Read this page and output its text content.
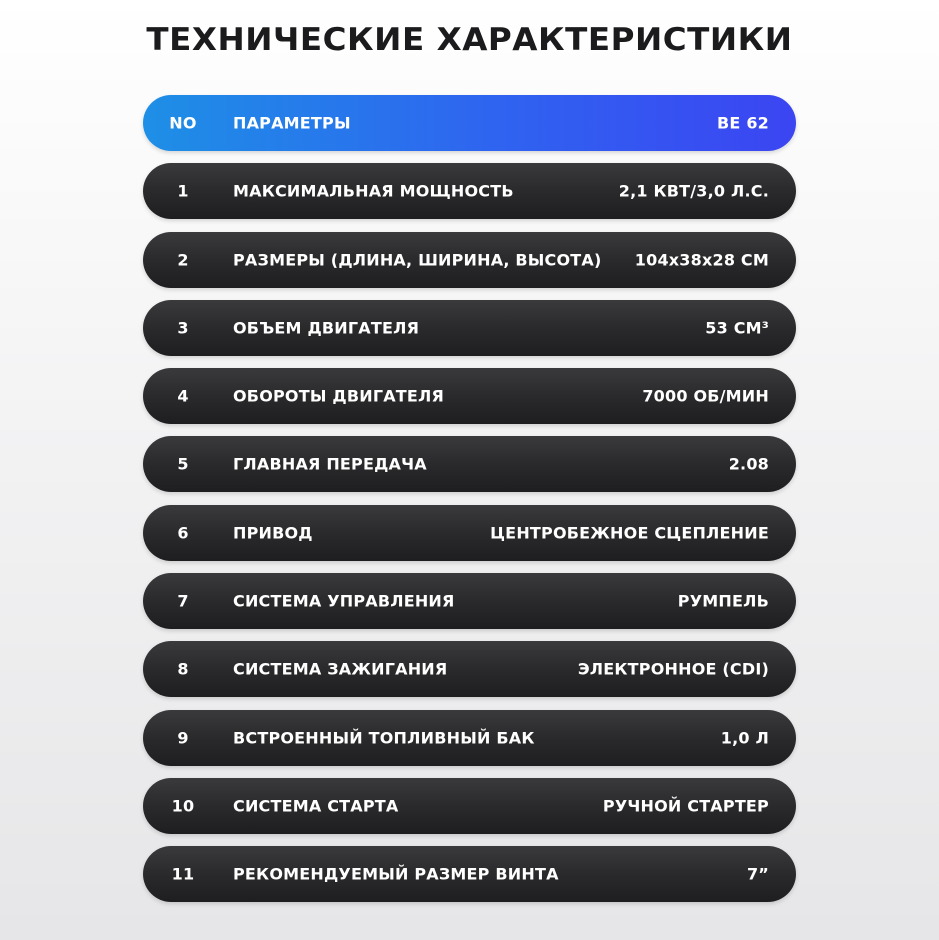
ТЕХНИЧЕСКИЕ ХАРАКТЕРИСТИКИ
NO	ПАРАМЕТРЫ	BE 62
1	МАКСИМАЛЬНАЯ МОЩНОСТЬ	2,1 КВТ/3,0 Л.С.
2	РАЗМЕРЫ (ДЛИНА, ШИРИНА, ВЫСОТА) 104х38х28 СМ
3	ОБЪЕМ ДВИГАТЕЛЯ	53 СМ³
4	ОБОРОТЫ ДВИГАТЕЛЯ	7000 ОБ/МИН
5	ГЛАВНАЯ ПЕРЕДАЧА	2.08
6	ПРИВОД	ЦЕНТРОБЕЖНОЕ СЦЕПЛЕНИЕ
7	СИСТЕМА УПРАВЛЕНИЯ	РУМПЕЛЬ
8	СИСТЕМА ЗАЖИГАНИЯ	ЭЛЕКТРОННОЕ (CDI)
9	ВСТРОЕННЫЙ ТОПЛИВНЫЙ БАК	1,0 Л
10	СИСТЕМА СТАРТА	РУЧНОЙ СТАРТЕР
11	РЕКОМЕНДУЕМЫЙ РАЗМЕР ВИНТА	7”
